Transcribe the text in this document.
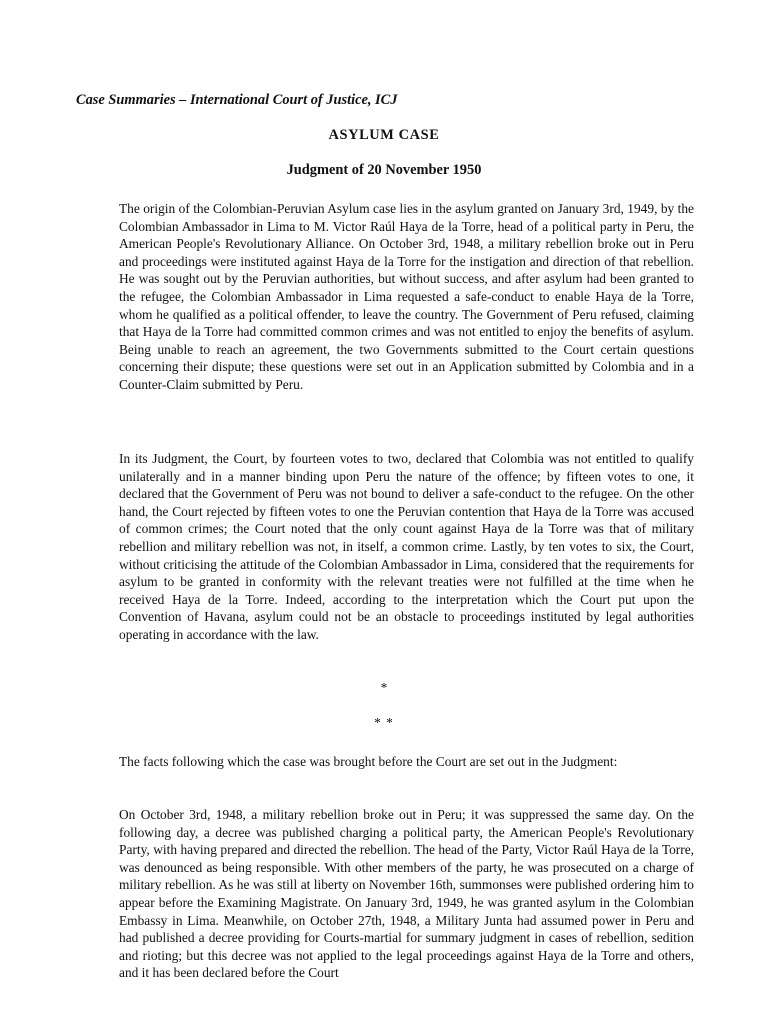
Case Summaries – International Court of Justice, ICJ

ASYLUM CASE

Judgment of 20 November 1950

The origin of the Colombian-Peruvian Asylum case lies in the asylum granted on January 3rd, 1949, by the Colombian Ambassador in Lima to M. Victor Raúl Haya de la Torre, head of a political party in Peru, the American People's Revolutionary Alliance. On October 3rd, 1948, a military rebellion broke out in Peru and proceedings were instituted against Haya de la Torre for the instigation and direction of that rebellion. He was sought out by the Peruvian authorities, but without success, and after asylum had been granted to the refugee, the Colombian Ambassador in Lima requested a safe-conduct to enable Haya de la Torre, whom he qualified as a political offender, to leave the country. The Government of Peru refused, claiming that Haya de la Torre had committed common crimes and was not entitled to enjoy the benefits of asylum. Being unable to reach an agreement, the two Governments submitted to the Court certain questions concerning their dispute; these questions were set out in an Application submitted by Colombia and in a Counter-Claim submitted by Peru.

In its Judgment, the Court, by fourteen votes to two, declared that Colombia was not entitled to qualify unilaterally and in a manner binding upon Peru the nature of the offence; by fifteen votes to one, it declared that the Government of Peru was not bound to deliver a safe-conduct to the refugee. On the other hand, the Court rejected by fifteen votes to one the Peruvian contention that Haya de la Torre was accused of common crimes; the Court noted that the only count against Haya de la Torre was that of military rebellion and military rebellion was not, in itself, a common crime. Lastly, by ten votes to six, the Court, without criticising the attitude of the Colombian Ambassador in Lima, considered that the requirements for asylum to be granted in conformity with the relevant treaties were not fulfilled at the time when he received Haya de la Torre. Indeed, according to the interpretation which the Court put upon the Convention of Havana, asylum could not be an obstacle to proceedings instituted by legal authorities operating in accordance with the law.

*

* *

The facts following which the case was brought before the Court are set out in the Judgment:

On October 3rd, 1948, a military rebellion broke out in Peru; it was suppressed the same day. On the following day, a decree was published charging a political party, the American People's Revolutionary Party, with having prepared and directed the rebellion. The head of the Party, Victor Raúl Haya de la Torre, was denounced as being responsible. With other members of the party, he was prosecuted on a charge of military rebellion. As he was still at liberty on November 16th, summonses were published ordering him to appear before the Examining Magistrate. On January 3rd, 1949, he was granted asylum in the Colombian Embassy in Lima. Meanwhile, on October 27th, 1948, a Military Junta had assumed power in Peru and had published a decree providing for Courts-martial for summary judgment in cases of rebellion, sedition and rioting; but this decree was not applied to the legal proceedings against Haya de la Torre and others, and it has been declared before the Court
